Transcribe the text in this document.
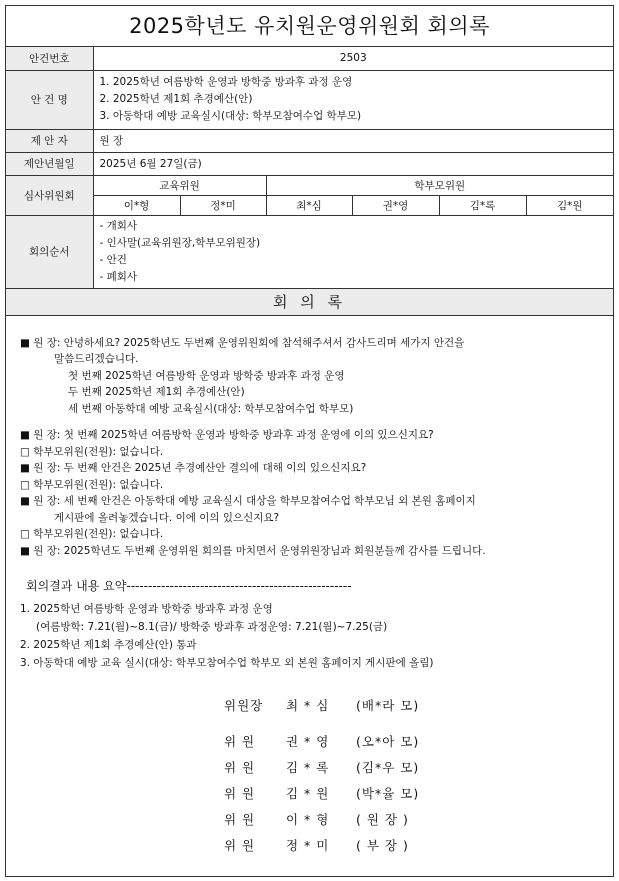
2025학년도 유치원운영위원회 회의록
안건번호	2503					
안 건 명	1. 2025학년 여름방학 운영과 방학중 방과후 과정 운영
2. 2025학년 제1회 추경예산(안)
3. 아동학대 예방 교육실시(대상: 학부모참여수업 학부모)					

제 안 자	원 장					
제안년월일	2025년 6월 27일(금)					
심사위원회	교육위원		학부모위원			
	이*형	정*미	최*심	권*영	김*록	김*원
회의순서	- 개회사
- 인사말(교육위원장,학부모위원장)
- 안건
- 폐회사					
회 의 록
■ 원 장: 안녕하세요? 2025학년도 두번째 운영위원회에 참석해주셔서 감사드리며 세가지 안건을
말씀드리겠습니다.
첫 번째 2025학년 여름방학 운영과 방학중 방과후 과정 운영
두 번째 2025학년 제1회 추경예산(안)
세 번째 아동학대 예방 교육실시(대상: 학부모참여수업 학부모)
■ 원 장: 첫 번째 2025학년 여름방학 운영과 방학중 방과후 과정 운영에 이의 있으신지요?
□ 학부모위원(전원): 없습니다.
■ 원 장: 두 번째 안건은 2025년 추경예산안 결의에 대해 이의 있으신지요?
□ 학부모위원(전원): 없습니다.
■ 원 장: 세 번째 안건은 아동학대 예방 교육실시 대상을 학부모참여수업 학부모님 외 본원 홈페이지
게시판에 올려놓겠습니다. 이에 이의 있으신지요?
□ 학부모위원(전원): 없습니다.
■ 원 장: 2025학년도 두번째 운영위원 회의를 마치면서 운영위원장님과 회원분들께 감사를 드립니다.
회의결과 내용 요약----------------------------------------------------
1. 2025학년 여름방학 운영과 방학중 방과후 과정 운영
(여름방학: 7.21(월)~8.1(금)/ 방학중 방과후 과정운영: 7.21(월)~7.25(금)
2. 2025학년 제1회 추경예산(안) 통과
3. 아동학대 예방 교육 실시(대상: 학부모참여수업 학부모 외 본원 홈페이지 게시판에 올림)
위원장 최 * 심 (배*라 모)
위 원 권 * 영 (오*아 모)
위 원 김 * 록 (김*우 모)
위 원 김 * 원 (박*율 모)
위 원 이 * 형 ( 원 장 )
위 원 정 * 미 ( 부 장 )
